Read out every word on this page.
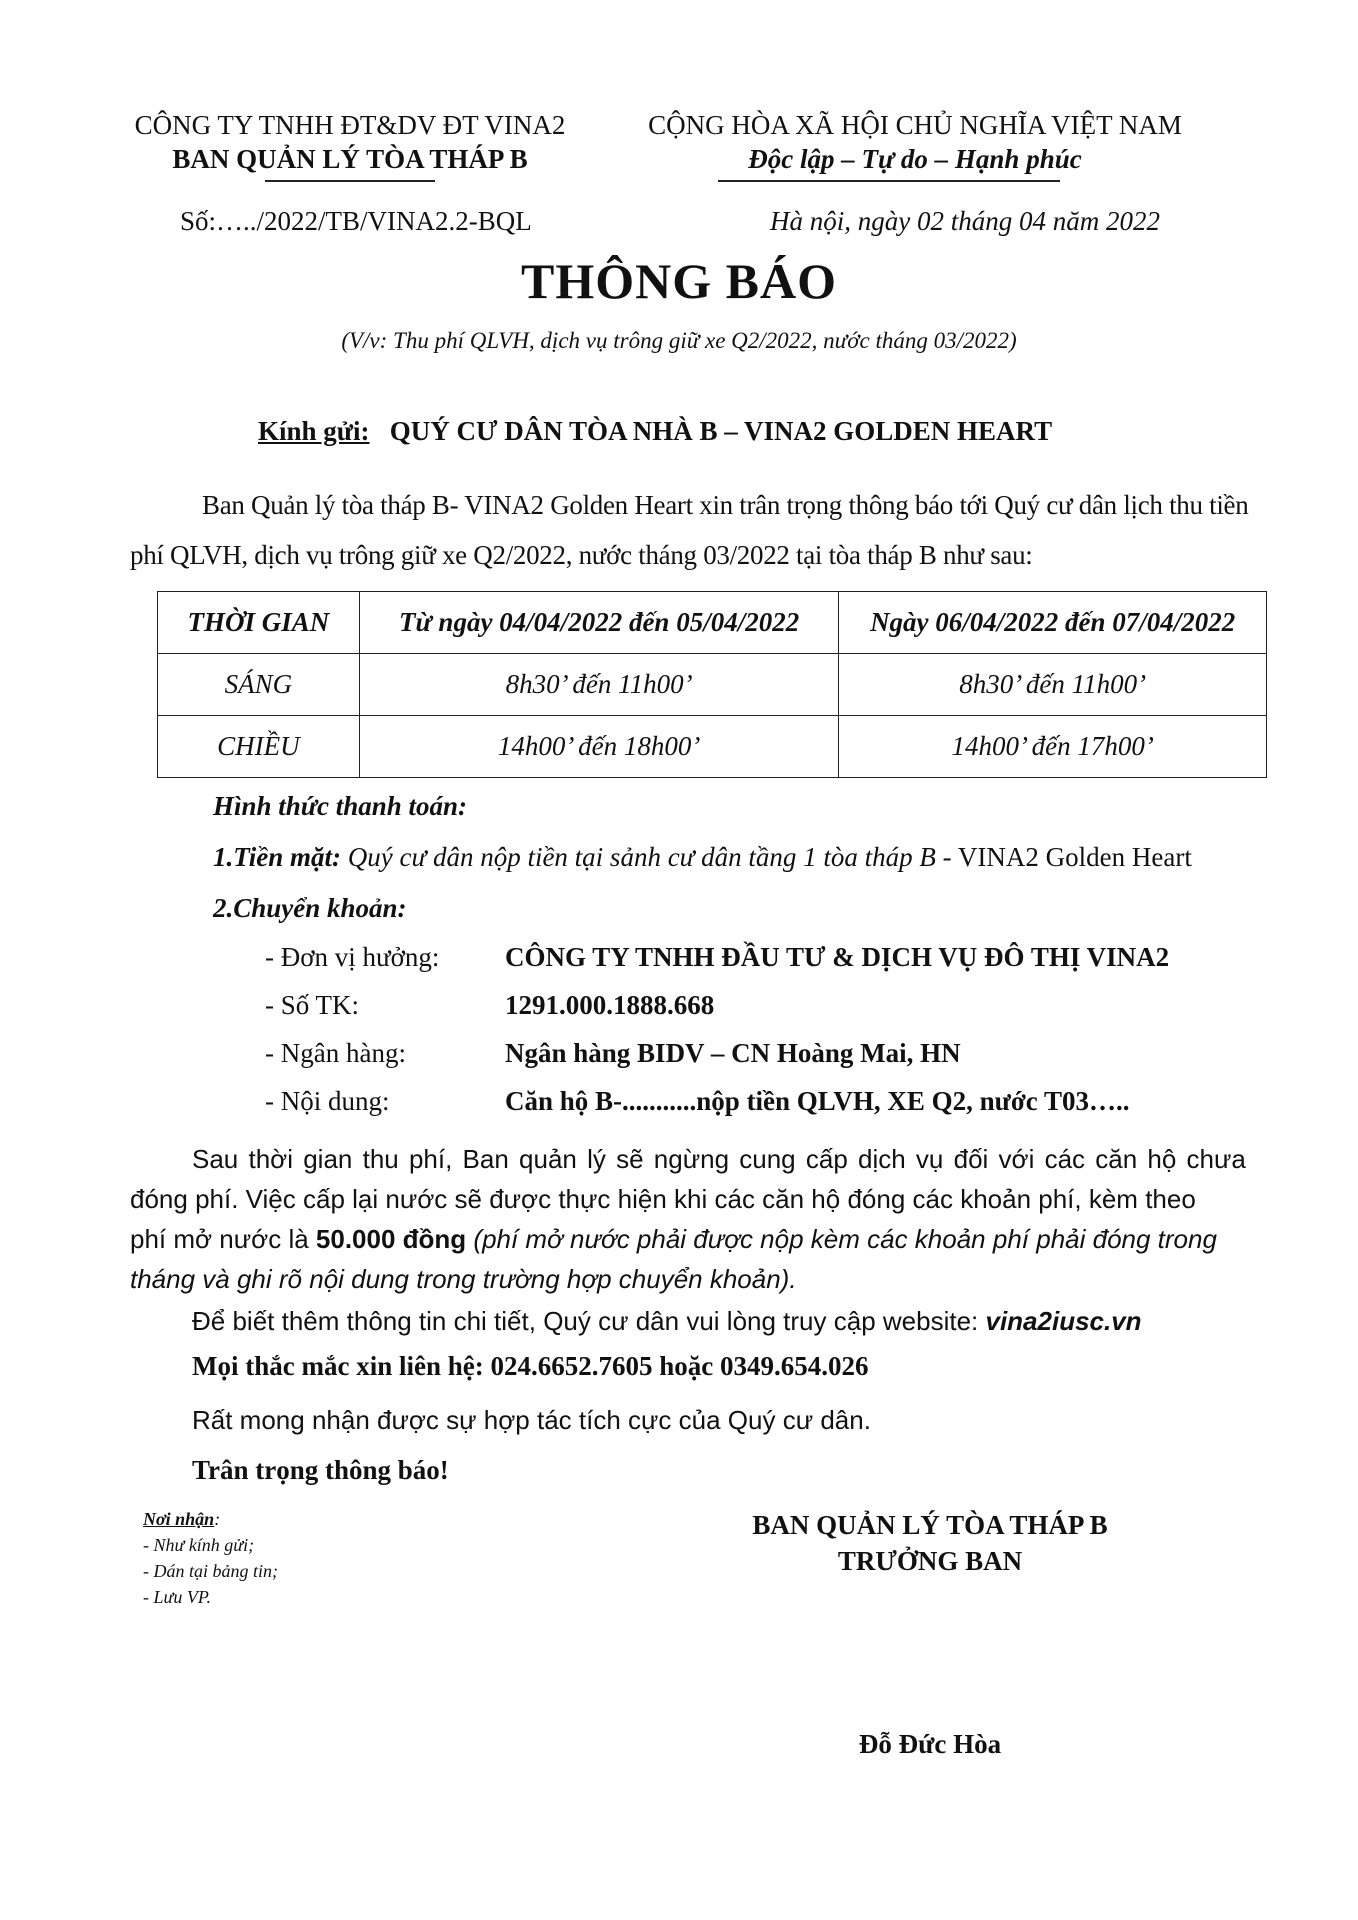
CÔNG TY TNHH ĐT&DV ĐT VINA2
BAN QUẢN LÝ TÒA THÁP B
CỘNG HÒA XÃ HỘI CHỦ NGHĨA VIỆT NAM
Độc lập – Tự do – Hạnh phúc
Số:…../2022/TB/VINA2.2-BQL	Hà nội, ngày 02 tháng 04 năm 2022
THÔNG BÁO
(V/v: Thu phí QLVH, dịch vụ trông giữ xe Q2/2022, nước tháng 03/2022)
Kính gửi: QUÝ CƯ DÂN TÒA NHÀ B – VINA2 GOLDEN HEART
Ban Quản lý tòa tháp B- VINA2 Golden Heart xin trân trọng thông báo tới Quý cư dân lịch thu tiền
phí QLVH, dịch vụ trông giữ xe Q2/2022, nước tháng 03/2022 tại tòa tháp B như sau:
THỜI GIAN	Từ ngày 04/04/2022 đến 05/04/2022	Ngày 06/04/2022 đến 07/04/2022
SÁNG	8h30’ đến 11h00’	8h30’ đến 11h00’
CHIỀU	14h00’ đến 18h00’	14h00’ đến 17h00’
Hình thức thanh toán:
1.Tiền mặt: Quý cư dân nộp tiền tại sảnh cư dân tầng 1 tòa tháp B - VINA2 Golden Heart
2.Chuyển khoản:
- Đơn vị hưởng: CÔNG TY TNHH ĐẦU TƯ & DỊCH VỤ ĐÔ THỊ VINA2
- Số TK:	1291.000.1888.668
- Ngân hàng:	Ngân hàng BIDV – CN Hoàng Mai, HN
- Nội dung:	Căn hộ B-...........nộp tiền QLVH, XE Q2, nước T03…..
Sau thời gian thu phí, Ban quản lý sẽ ngừng cung cấp dịch vụ đối với các căn hộ chưa
đóng phí. Việc cấp lại nước sẽ được thực hiện khi các căn hộ đóng các khoản phí, kèm theo
phí mở nước là 50.000 đồng (phí mở nước phải được nộp kèm các khoản phí phải đóng trong
tháng và ghi rõ nội dung trong trường hợp chuyển khoản).
Để biết thêm thông tin chi tiết, Quý cư dân vui lòng truy cập website: vina2iusc.vn
Mọi thắc mắc xin liên hệ: 024.6652.7605 hoặc 0349.654.026
Rất mong nhận được sự hợp tác tích cực của Quý cư dân.
Trân trọng thông báo!
Nơi nhận:
- Như kính gửi;
- Dán tại bảng tin;
- Lưu VP.
BAN QUẢN LÝ TÒA THÁP B
TRƯỞNG BAN
Đỗ Đức Hòa
